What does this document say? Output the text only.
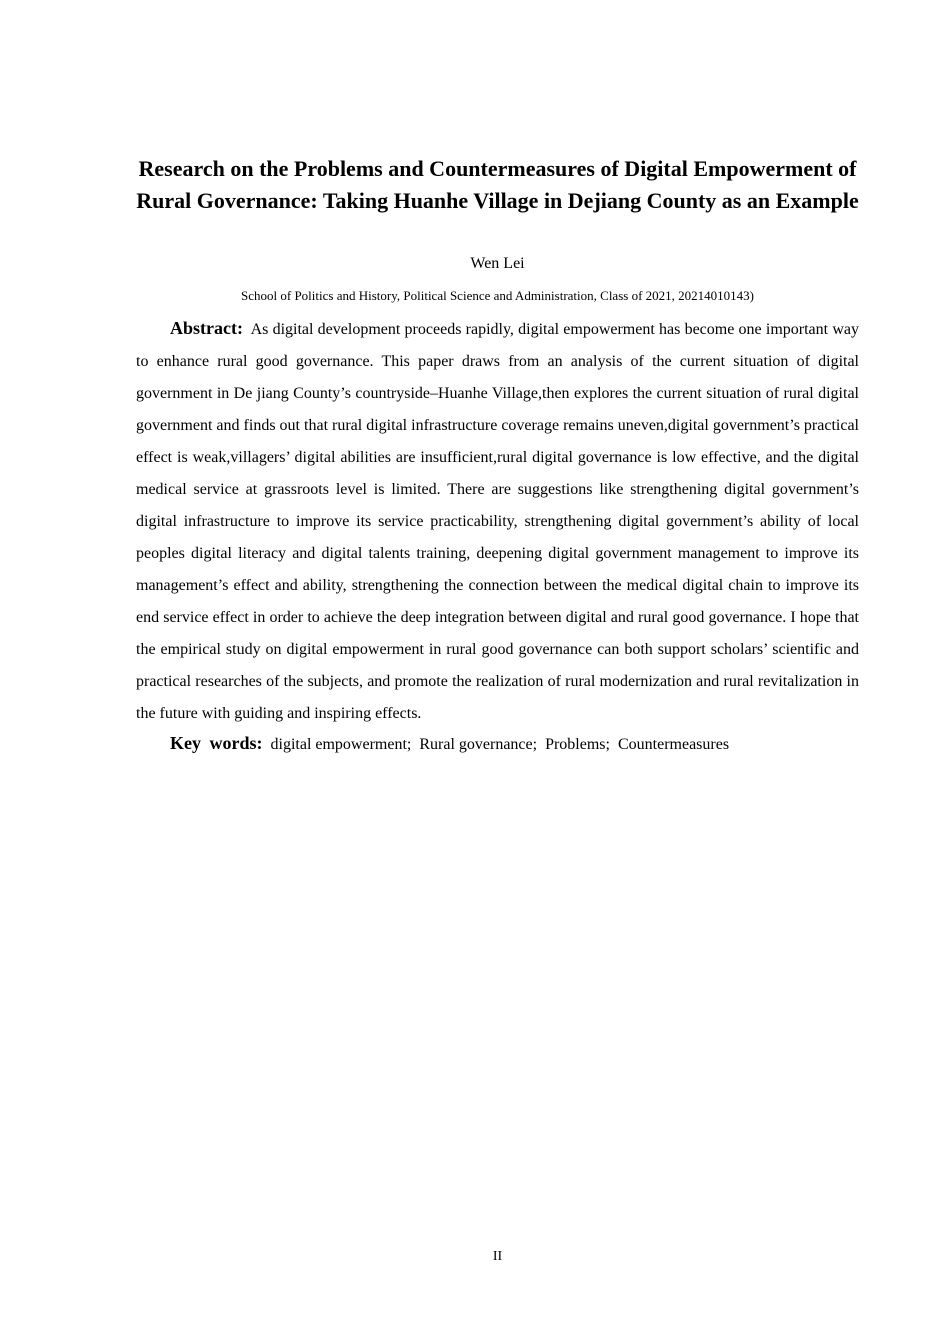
Research on the Problems and Countermeasures of Digital Empowerment of Rural Governance: Taking Huanhe Village in Dejiang County as an Example
Wen Lei
School of Politics and History, Political Science and Administration, Class of 2021, 20214010143)

Abstract: As digital development proceeds rapidly, digital empowerment has become one important way to enhance rural good governance. This paper draws from an analysis of the current situation of digital government in De jiang County’s countryside–Huanhe Village,then explores the current situation of rural digital government and finds out that rural digital infrastructure coverage remains uneven,digital government’s practical effect is weak,villagers’ digital abilities are insufficient,rural digital governance is low effective, and the digital medical service at grassroots level is limited. There are suggestions like strengthening digital government’s digital infrastructure to improve its service practicability, strengthening digital government’s ability of local peoples digital literacy and digital talents training, deepening digital government management to improve its management’s effect and ability, strengthening the connection between the medical digital chain to improve its end service effect in order to achieve the deep integration between digital and rural good governance. I hope that the empirical study on digital empowerment in rural good governance can both support scholars’ scientific and practical researches of the subjects, and promote the realization of rural modernization and rural revitalization in the future with guiding and inspiring effects.

Key words: digital empowerment;  Rural governance;  Problems;  Countermeasures

II
